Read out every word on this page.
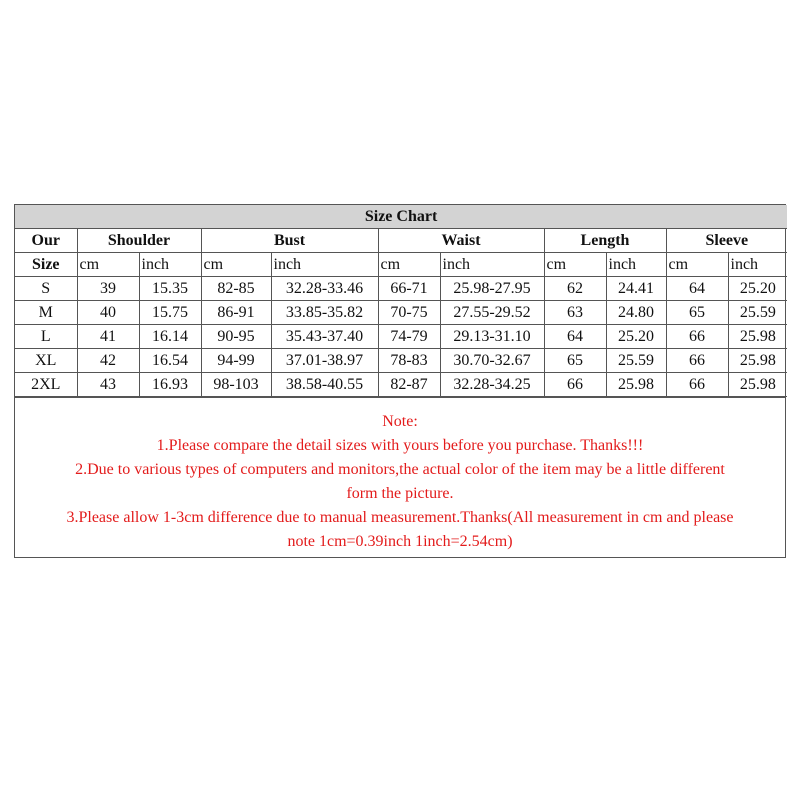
Size Chart										
Our	Shoulder		Bust		Waist		Length		Sleeve	
Size	cm	inch	cm	inch	cm	inch	cm	inch	cm	inch
S	39	15.35	82-85	32.28-33.46	66-71	25.98-27.95	62	24.41	64	25.20
M	40	15.75	86-91	33.85-35.82	70-75	27.55-29.52	63	24.80	65	25.59
L	41	16.14	90-95	35.43-37.40	74-79	29.13-31.10	64	25.20	66	25.98
XL	42	16.54	94-99	37.01-38.97	78-83	30.70-32.67	65	25.59	66	25.98
2XL	43	16.93	98-103	38.58-40.55	82-87	32.28-34.25	66	25.98	66	25.98
Note:
1.Please compare the detail sizes with yours before you purchase. Thanks!!!
2.Due to various types of computers and monitors,the actual color of the item may be a little different
form the picture.
3.Please allow 1-3cm difference due to manual measurement.Thanks(All measurement in cm and please
note 1cm=0.39inch 1inch=2.54cm)
